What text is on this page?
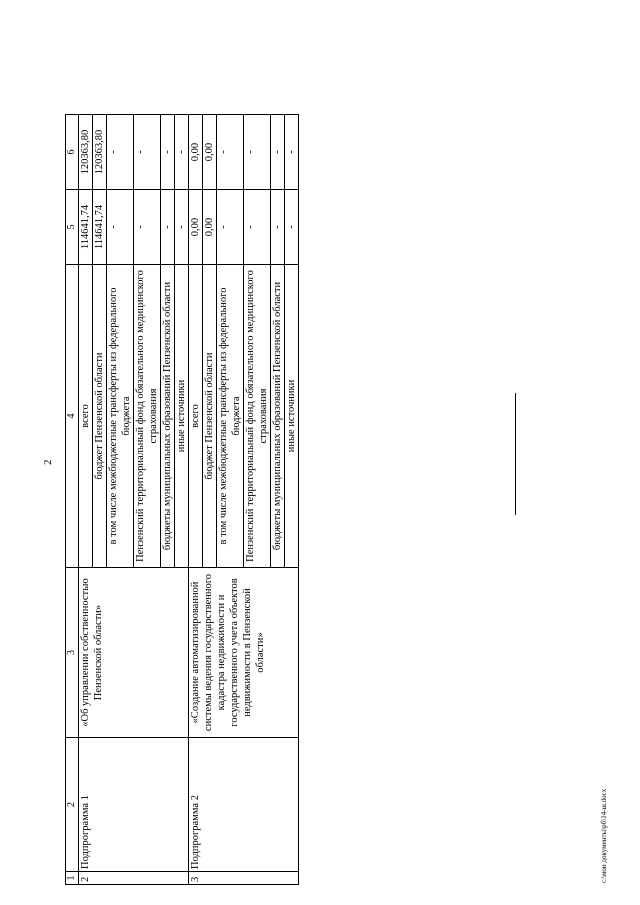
2
1	2	3	4	5	6
2	Подпрограмма 1	«Об управлении собственностью Пензенской области»	всего	114641,74	120363,80
			бюджет Пензенской области	114641,74	120363,80
			в том числе межбюджетные трансферты из федерального бюджета	-	-
			Пензенский территориальный фонд обязательного медицинского страхования	-	-
			бюджеты муниципальных образований Пензенской области	-	-
			иные источники	-	-
3	Подпрограмма 2	«Создание автоматизированной системы ведения государственного кадастра недвижимости и государственного учета объектов недвижимости в Пензенской области»	всего	0,00	0,00
			бюджет Пензенской области	0,00	0,00
			в том числе межбюджетные трансферты из федерального бюджета	-	-
			Пензенский территориальный фонд обязательного медицинского страхования	-	-
			бюджеты муниципальных образований Пензенской области	-	-
			иные источники	-	-
с:\мои документы\рб\14-ш.docx
